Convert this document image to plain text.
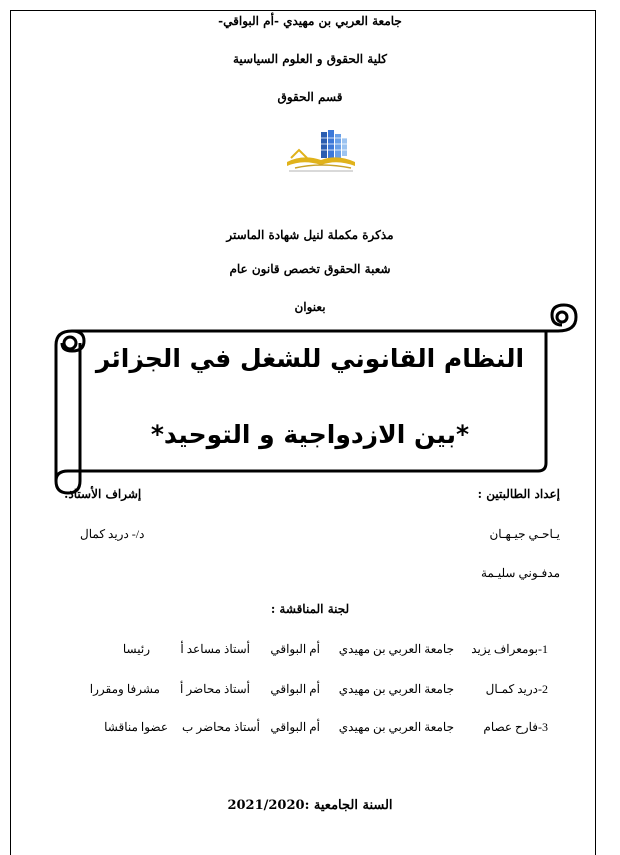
جامعة العربي بن مهيدي -أم البواقي-
كلية الحقوق و العلوم السياسية
قسم الحقوق
مذكرة مكملة لنيل شهادة الماستر
شعبة الحقوق تخصص قانون عام
بعنوان
النظام القانوني للشغل في الجزائر
*بين الازدواجية و التوحيد*
إعداد الطالبتين :
إشراف الأستاذ:
يـاحـي جيـهـان
د/- دريد كمال
مدفـوني سليـمة
لجنة المناقشة :
1-بومعراف يزيد
جامعة العربي بن مهيدي
أم البواقي
أستاذ مساعد أ
رئيسا
2-دريد كمـال
جامعة العربي بن مهيدي
أم البواقي
أستاذ محاضر أ
مشرفا ومقررا
3-فارح عصام
جامعة العربي بن مهيدي
أم البواقي
أستاذ محاضر ب
عضوا مناقشا
السنة الجامعية :2021/2020
